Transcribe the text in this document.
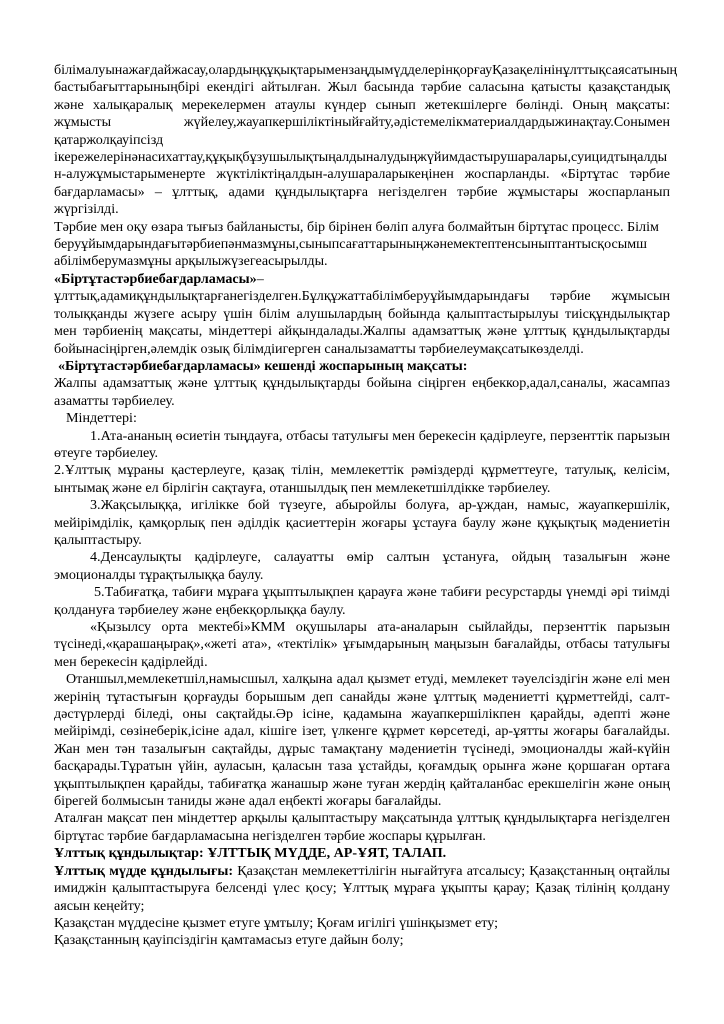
білімалуынажағдайжасау,олардыңқұқықтарымензаңдымүдделерінқорғауҚазақелінінұлттықсаясатының бастыбағыттарыныңбірі екендігі айтылған. Жыл басында тәрбие саласына қатысты қазақстандық және халықаралық мерекелермен атаулы күндер сынып жетекшілерге бөлінді. Оның мақсаты: жұмысты жүйелеу,жауапкершіліктіныйғайту,әдістемелікматериалдардыжинақтау.Сонымен қатаржолқауіпсізд ікережелерінәнасихаттау,құқықбұзушылықтыңалдыналудыңжүйимдастырушаралары,суицидтыңалды н-алужұмыстарыменерте жүктіліктіңалдын-алушараларыкеңінен жоспарланды. «Біртұтас тәрбие бағдарламасы» – ұлттық, адами құндылықтарға негізделген тәрбие жұмыстары жоспарланып жүргізілді.

Тәрбие мен оқу өзара тығыз байланысты, бір бірінен бөліп алуға болмайтын біртұтас процесс. Білім

беруұйымдарындағытәрбиепәнмазмұны,сыныпсағаттарыныңжәнемектептенсыныптантысқосымш абілімберумазмұны арқылыжүзегеасырылды.

«Біртұтастәрбиебағдарламасы»– ұлттық,адамиқұндылықтарғанегізделген.Бұлқұжаттабілімберуұйымдарындағы тәрбие жұмысын толыққанды жүзеге асыру үшін білім алушылардың бойында қалыптастырылуы тиісқұндылықтар мен тәрбиенің мақсаты, міндеттері айқындалады.Жалпы адамзаттық және ұлттық құндылықтарды бойынасіңірген,әлемдік озық білімдіигерген саналызаматты тәрбиелеумақсатыкөзделді.

«Біртұтастәрбиебағдарламасы» кешенді жоспарының мақсаты:

Жалпы адамзаттық және ұлттық құндылықтарды бойына сіңірген еңбеккор,адал,саналы, жасампаз азаматты тәрбиелеу.

Міндеттері:

1.Ата-ананың өсиетін тыңдауға, отбасы татулығы мен берекесін қадірлеуге, перзенттік парызын өтеуге тәрбиелеу.

2.Ұлттық мұраны қастерлеуге, қазақ тілін, мемлекеттік рәміздерді құрметтеуге, татулық, келісім, ынтымақ және ел бірлігін сақтауға, отаншылдық пен мемлекетшілдікке тәрбиелеу.

3.Жақсылыққа, игілікке бой түзеуге, абыройлы болуға, ар-ұждан, намыс, жауапкершілік, мейірімділік, қамқорлық пен әділдік қасиеттерін жоғары ұстауға баулу және құқықтық мәдениетін қалыптастыру.

4.Денсаулықты қадірлеуге, салауатты өмір салтын ұстануға, ойдың тазалығын және эмоционалды тұрақтылыққа баулу.

5.Табиғатқа, табиғи мұраға ұқыптылықпен қарауға және табиғи ресурстарды үнемді әрі тиімді қолдануға тәрбиелеу және еңбекқорлыққа баулу.

«Қызылсу орта мектебі»КММ оқушылары ата-аналарын сыйлайды, перзенттік парызын түсінеді,«қарашаңырақ»,«жеті ата», «тектілік» ұғымдарының маңызын бағалайды, отбасы татулығы мен берекесін қадірлейді.

Отаншыл,мемлекетшіл,намысшыл, халқына адал қызмет етуді, мемлекет тәуелсіздігін және елі мен жерінің тұтастығын қорғауды борышым деп санайды және ұлттық мәдениетті құрметтейді, салт-дәстүрлерді біледі, оны сақтайды.Әр ісіне, қадамына жауапкершілікпен қарайды, әдепті және мейірімді, сөзінеберік,ісіне адал, кішіге ізет, үлкенге құрмет көрсетеді, ар-ұятты жоғары бағалайды. Жан мен тән тазалығын сақтайды, дұрыс тамақтану мәдениетін түсінеді, эмоционалды жай-күйін басқарады.Тұратын үйін, ауласын, қаласын таза ұстайды, қоғамдық орынға және қоршаған ортаға ұқыптылықпен қарайды, табиғатқа жанашыр және туған жердің қайталанбас ерекшелігін және оның бірегей болмысын таниды және адал еңбекті жоғары бағалайды.

Аталған мақсат пен міндеттер арқылы қалыптастыру мақсатында ұлттық құндылықтарға негізделген біртұтас тәрбие бағдарламасына негізделген тәрбие жоспары құрылған.

Ұлттық құндылықтар: ҰЛТТЫҚ МҮДДЕ, АР-ҰЯТ, ТАЛАП.

Ұлттық мүдде құндылығы: Қазақстан мемлекеттілігін нығайтуға атсалысу; Қазақстанның оңтайлы имиджін қалыптастыруға белсенді үлес қосу; Ұлттық мұраға ұқыпты қарау; Қазақ тілінің қолдану аясын кеңейту;

Қазақстан мүддесіне қызмет етуге ұмтылу; Қоғам игілігі үшінқызмет ету;

Қазақстанның қауіпсіздігін қамтамасыз етуге дайын болу;
